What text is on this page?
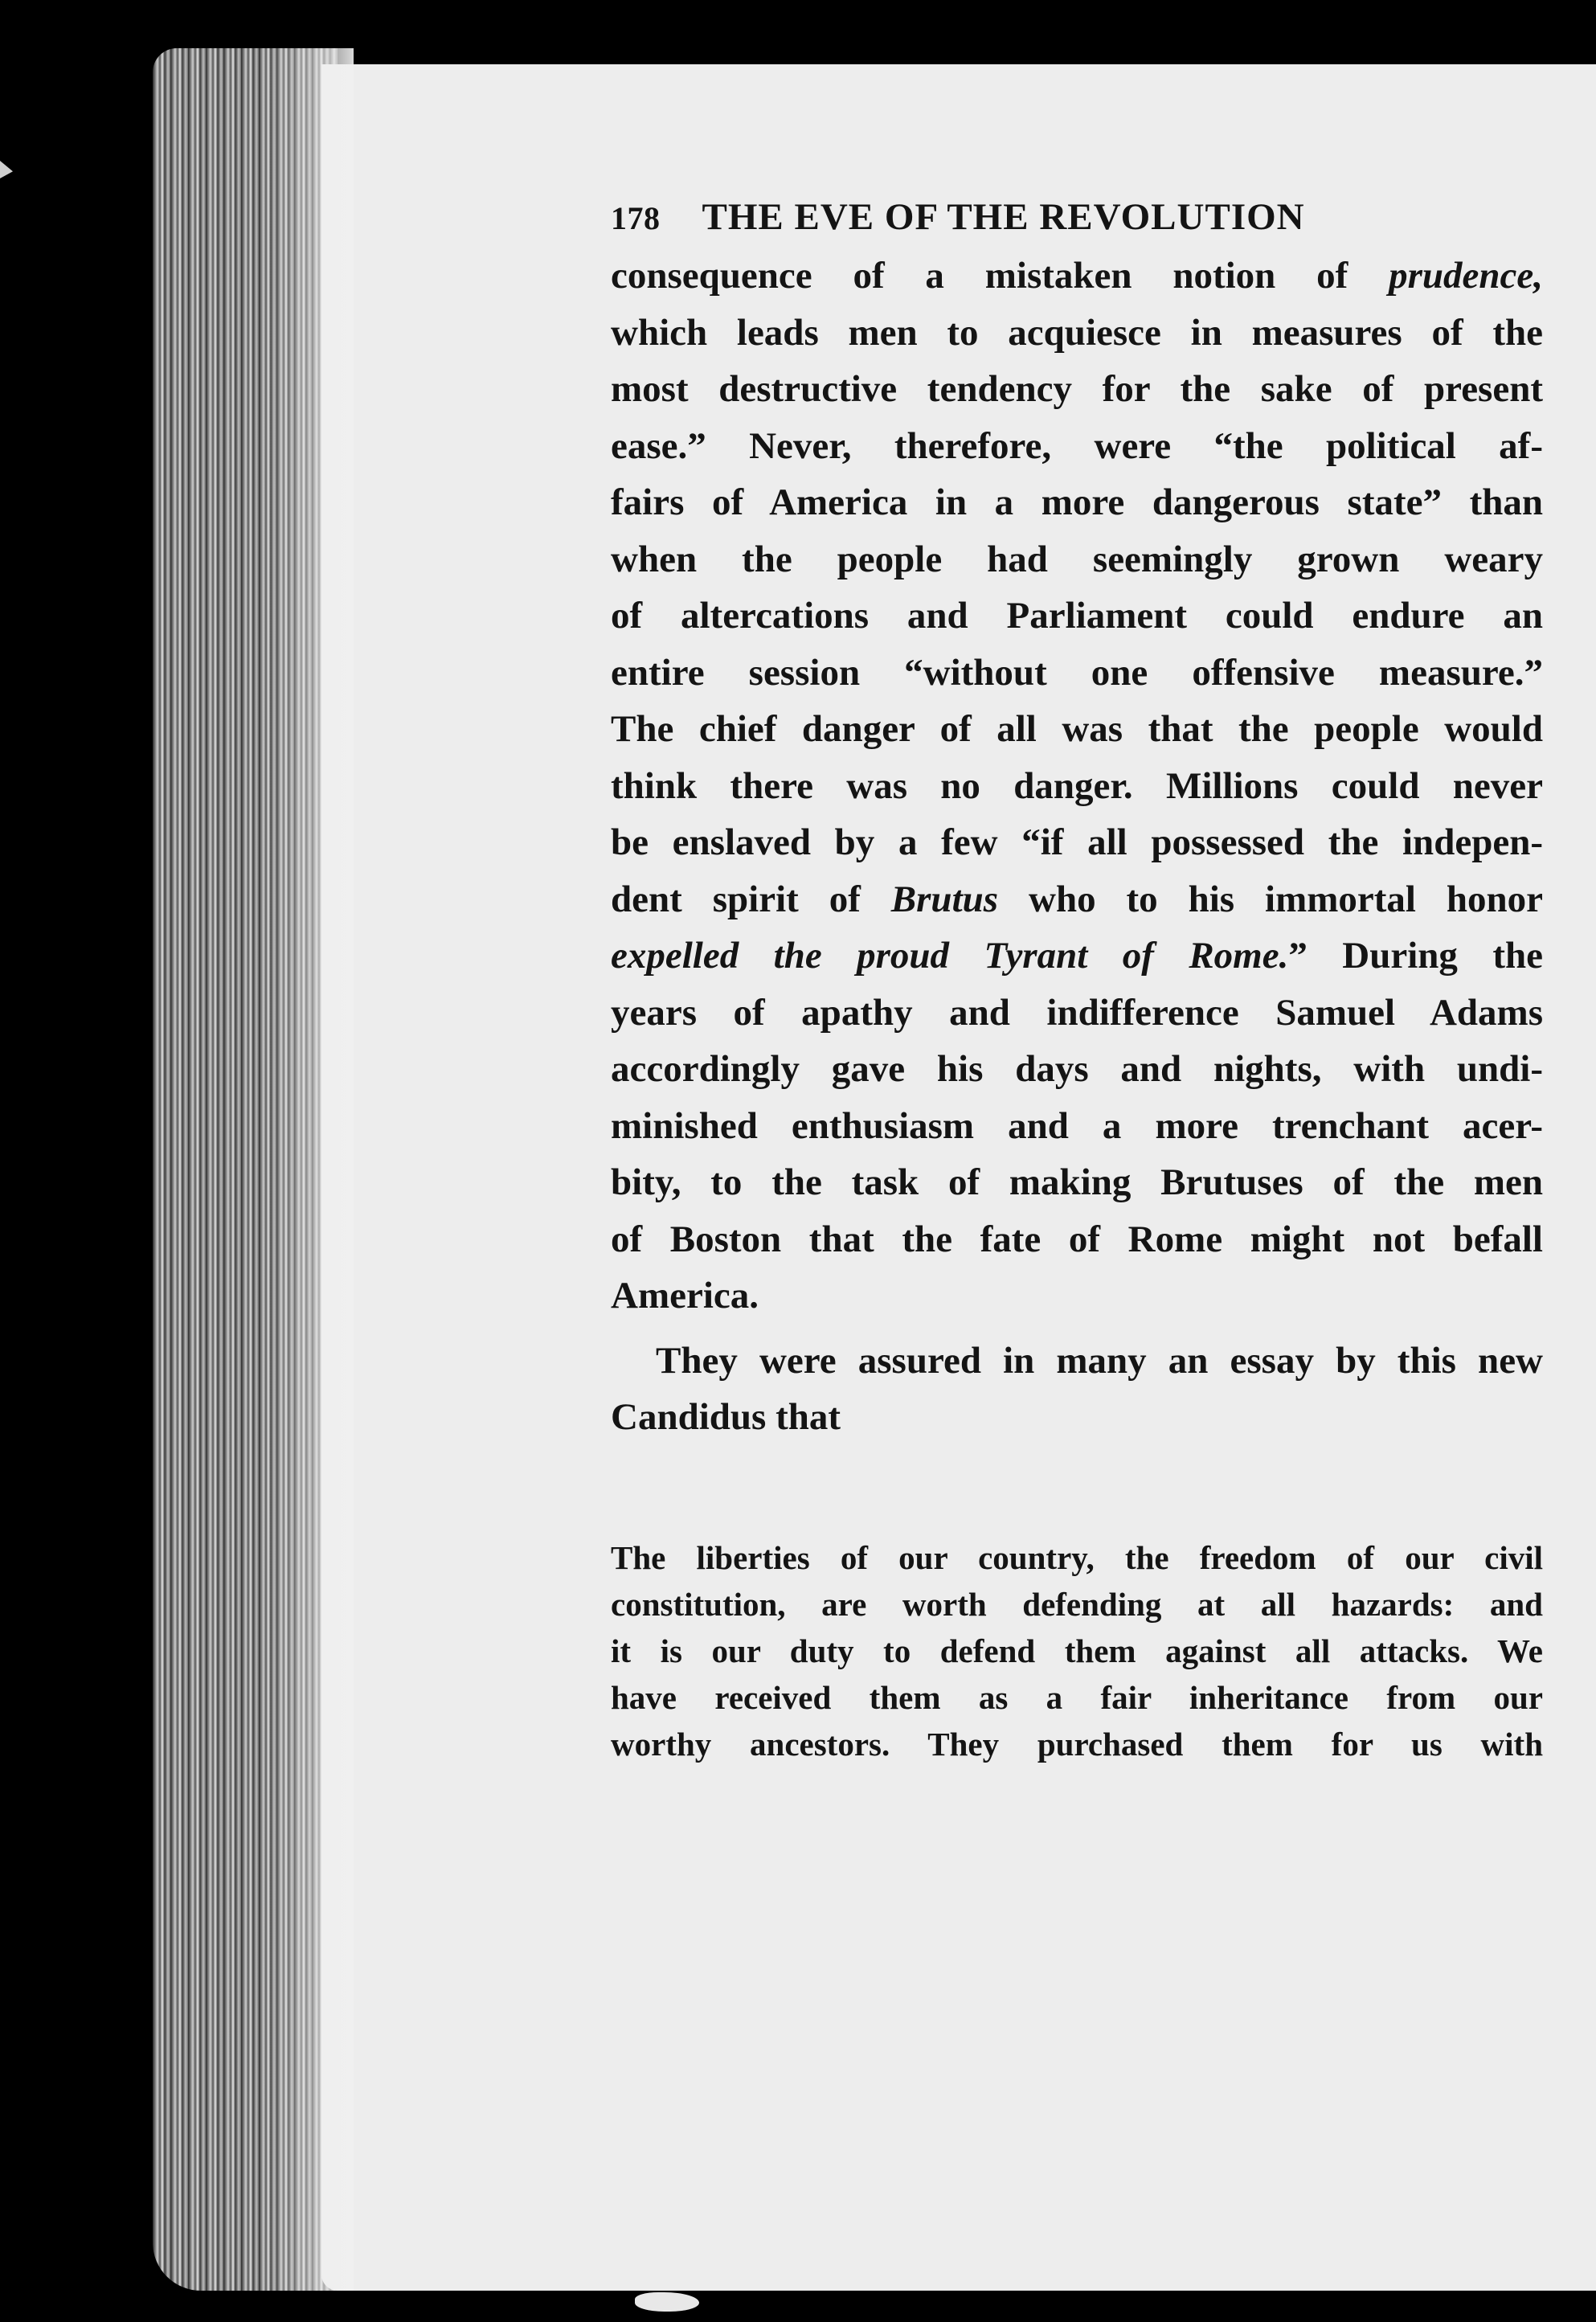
178 THE EVE OF THE REVOLUTION
consequence of a mistaken notion of prudence,
which leads men to acquiesce in measures of the
most destructive tendency for the sake of present
ease.” Never, therefore, were “the political af-
fairs of America in a more dangerous state” than
when the people had seemingly grown weary
of altercations and Parliament could endure an
entire session “without one offensive measure.”
The chief danger of all was that the people would
think there was no danger. Millions could never
be enslaved by a few “if all possessed the indepen-
dent spirit of Brutus who to his immortal honor
expelled the proud Tyrant of Rome.” During the
years of apathy and indifference Samuel Adams
accordingly gave his days and nights, with undi-
minished enthusiasm and a more trenchant acer-
bity, to the task of making Brutuses of the men
of Boston that the fate of Rome might not befall
America.
They were assured in many an essay by this new
Candidus that
The liberties of our country, the freedom of our civil
constitution, are worth defending at all hazards: and
it is our duty to defend them against all attacks. We
have received them as a fair inheritance from our
worthy ancestors. They purchased them for us with
